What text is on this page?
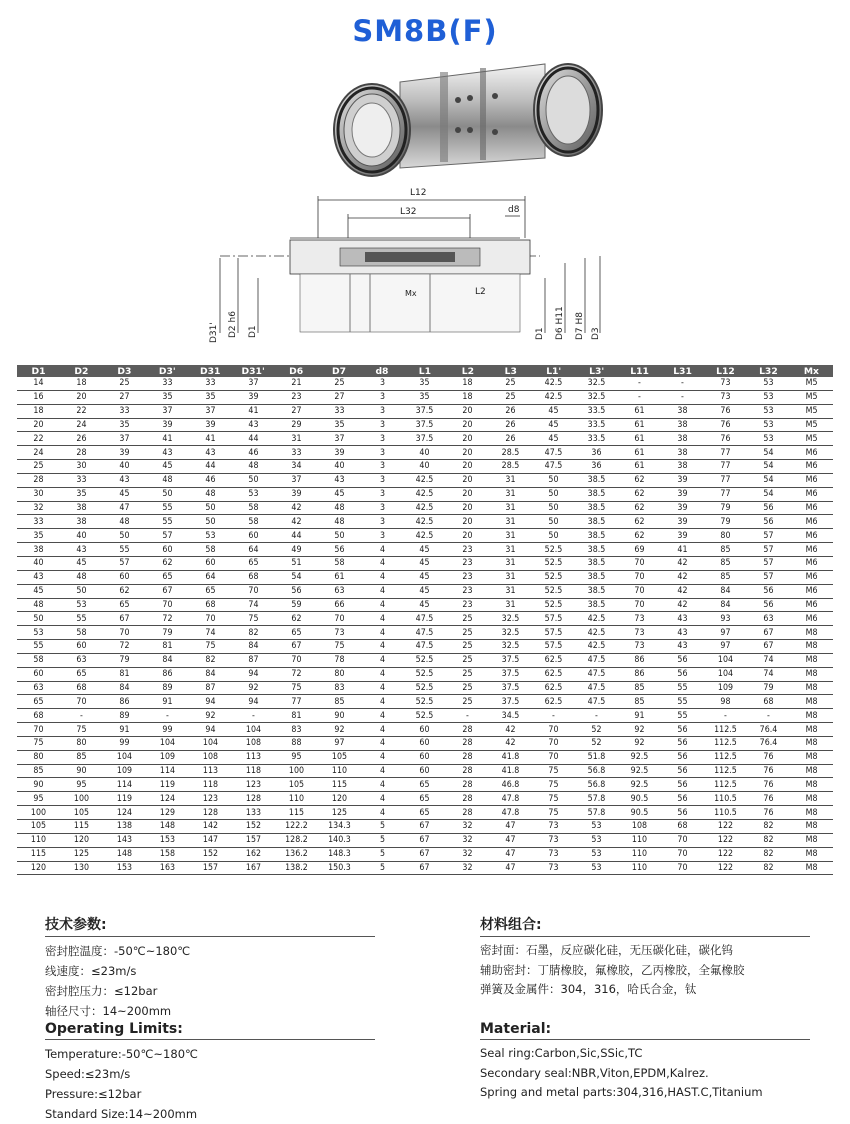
SM8B(F)
L12
L32	d8
Mx	L2
D31' D2 h6 D1	D1 D6 H11 D7 H8 D3
D1	D2	D3	D3'	D31	D31'	D6	D7	d8	L1	L2	L3	L1'	L3'	L11	L31	L12	L32	Mx
14	18	25	33	33	37	21	25	3	35	18	25	42.5	32.5	-	-	73	53	M5
16	20	27	35	35	39	23	27	3	35	18	25	42.5	32.5	-	-	73	53	M5
18	22	33	37	37	41	27	33	3	37.5	20	26	45	33.5	61	38	76	53	M5
20	24	35	39	39	43	29	35	3	37.5	20	26	45	33.5	61	38	76	53	M5
22	26	37	41	41	44	31	37	3	37.5	20	26	45	33.5	61	38	76	53	M5
24	28	39	43	43	46	33	39	3	40	20	28.5	47.5	36	61	38	77	54	M6
25	30	40	45	44	48	34	40	3	40	20	28.5	47.5	36	61	38	77	54	M6
28	33	43	48	46	50	37	43	3	42.5	20	31	50	38.5	62	39	77	54	M6
30	35	45	50	48	53	39	45	3	42.5	20	31	50	38.5	62	39	77	54	M6
32	38	47	55	50	58	42	48	3	42.5	20	31	50	38.5	62	39	79	56	M6
33	38	48	55	50	58	42	48	3	42.5	20	31	50	38.5	62	39	79	56	M6
35	40	50	57	53	60	44	50	3	42.5	20	31	50	38.5	62	39	80	57	M6
38	43	55	60	58	64	49	56	4	45	23	31	52.5	38.5	69	41	85	57	M6
40	45	57	62	60	65	51	58	4	45	23	31	52.5	38.5	70	42	85	57	M6
43	48	60	65	64	68	54	61	4	45	23	31	52.5	38.5	70	42	85	57	M6
45	50	62	67	65	70	56	63	4	45	23	31	52.5	38.5	70	42	84	56	M6
48	53	65	70	68	74	59	66	4	45	23	31	52.5	38.5	70	42	84	56	M6
50	55	67	72	70	75	62	70	4	47.5	25	32.5	57.5	42.5	73	43	93	63	M6
53	58	70	79	74	82	65	73	4	47.5	25	32.5	57.5	42.5	73	43	97	67	M8
55	60	72	81	75	84	67	75	4	47.5	25	32.5	57.5	42.5	73	43	97	67	M8
58	63	79	84	82	87	70	78	4	52.5	25	37.5	62.5	47.5	86	56	104	74	M8
60	65	81	86	84	94	72	80	4	52.5	25	37.5	62.5	47.5	86	56	104	74	M8
63	68	84	89	87	92	75	83	4	52.5	25	37.5	62.5	47.5	85	55	109	79	M8
65	70	86	91	94	94	77	85	4	52.5	25	37.5	62.5	47.5	85	55	98	68	M8
68	-	89	-	92	-	81	90	4	52.5	-	34.5	-	-	91	55	-	-	M8
70	75	91	99	94	104	83	92	4	60	28	42	70	52	92	56	112.5	76.4	M8
75	80	99	104	104	108	88	97	4	60	28	42	70	52	92	56	112.5	76.4	M8
80	85	104	109	108	113	95	105	4	60	28	41.8	70	51.8	92.5	56	112.5	76	M8
85	90	109	114	113	118	100	110	4	60	28	41.8	75	56.8	92.5	56	112.5	76	M8
90	95	114	119	118	123	105	115	4	65	28	46.8	75	56.8	92.5	56	112.5	76	M8
95	100	119	124	123	128	110	120	4	65	28	47.8	75	57.8	90.5	56	110.5	76	M8
100	105	124	129	128	133	115	125	4	65	28	47.8	75	57.8	90.5	56	110.5	76	M8
105	115	138	148	142	152	122.2	134.3	5	67	32	47	73	53	108	68	122	82	M8
110	120	143	153	147	157	128.2	140.3	5	67	32	47	73	53	110	70	122	82	M8
115	125	148	158	152	162	136.2	148.3	5	67	32	47	73	53	110	70	122	82	M8
120	130	153	163	157	167	138.2	150.3	5	67	32	47	73	53	110	70	122	82	M8
技术参数:
密封腔温度：-50℃~180℃
线速度：≤23m/s
密封腔压力：≤12bar
轴径尺寸：14~200mm
材料组合:
密封面：石墨，反应碳化硅，无压碳化硅，碳化钨
辅助密封：丁腈橡胶，氟橡胶，乙丙橡胶，全氟橡胶
弹簧及金属件：304，316，哈氏合金，钛
Operating Limits:
Temperature:-50℃~180℃
Speed:≤23m/s
Pressure:≤12bar
Standard Size:14~200mm
Material:
Seal ring:Carbon,Sic,SSic,TC
Secondary seal:NBR,Viton,EPDM,Kalrez.
Spring and metal parts:304,316,HAST.C,Titanium
